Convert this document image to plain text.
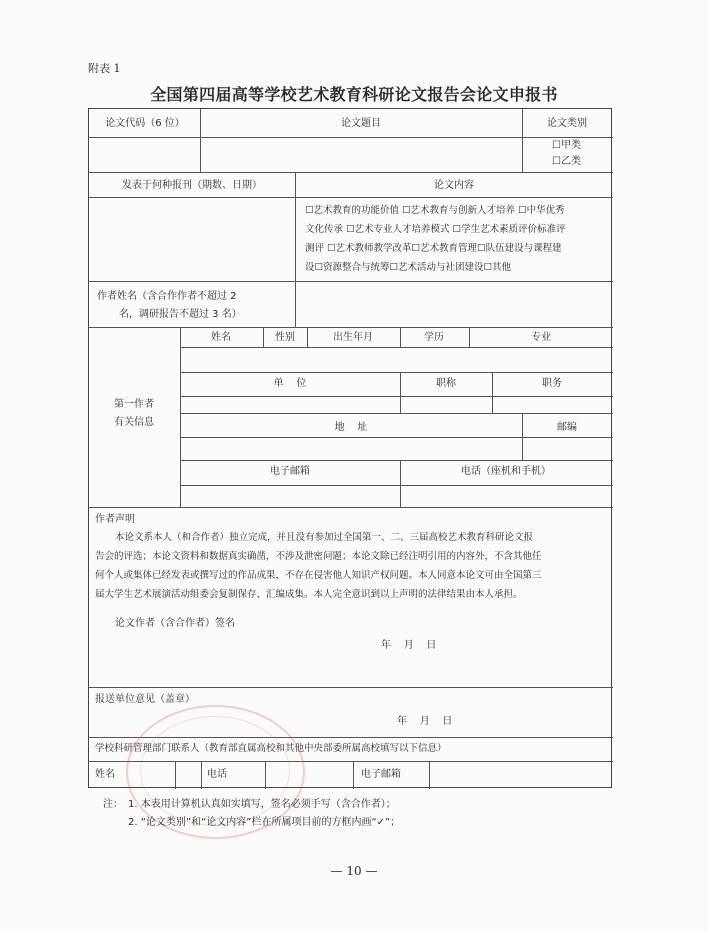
附表 1
全国第四届高等学校艺术教育科研论文报告会论文申报书
论文代码（6 位）	论文题目	论文类别
☐甲类
☐乙类
发表于何种报刊（期数、日期）	论文内容
☐艺术教育的功能价值 ☐艺术教育与创新人才培养 ☐中华优秀
文化传承 ☐艺术专业人才培养模式 ☐学生艺术素质评价标准评
测评 ☐艺术教师教学改革☐艺术教育管理☐队伍建设与课程建
设☐资源整合与统筹☐艺术活动与社团建设☐其他
作者姓名（含合作作者不超过 2
名，调研报告不超过 3 名）
第一作者
有关信息
姓名	性别	出生年月	学历	专业
单    位	职称	职务
地    址	邮编
电子邮箱	电话（座机和手机）
作者声明
本论文系本人（和合作者）独立完成，并且没有参加过全国第一、二、三届高校艺术教育科研论文报
告会的评选；本论文资料和数据真实确凿，不涉及泄密问题；本论文除已经注明引用的内容外，不含其他任
何个人或集体已经发表或撰写过的作品成果，不存在侵害他人知识产权问题。本人同意本论文可由全国第三
届大学生艺术展演活动组委会复制保存、汇编成集。本人完全意识到以上声明的法律结果由本人承担。
论文作者（含合作者）签名
年    月    日
报送单位意见（盖章）
年    月    日
学校科研管理部门联系人（教育部直属高校和其他中央部委所属高校填写以下信息）
姓名	电话	电子邮箱
注： 1. 本表用计算机认真如实填写，签名必须手写（含合作者）；
2. “论文类别”和“论文内容”栏在所属项目前的方框内画“✓”；
— 10 —
